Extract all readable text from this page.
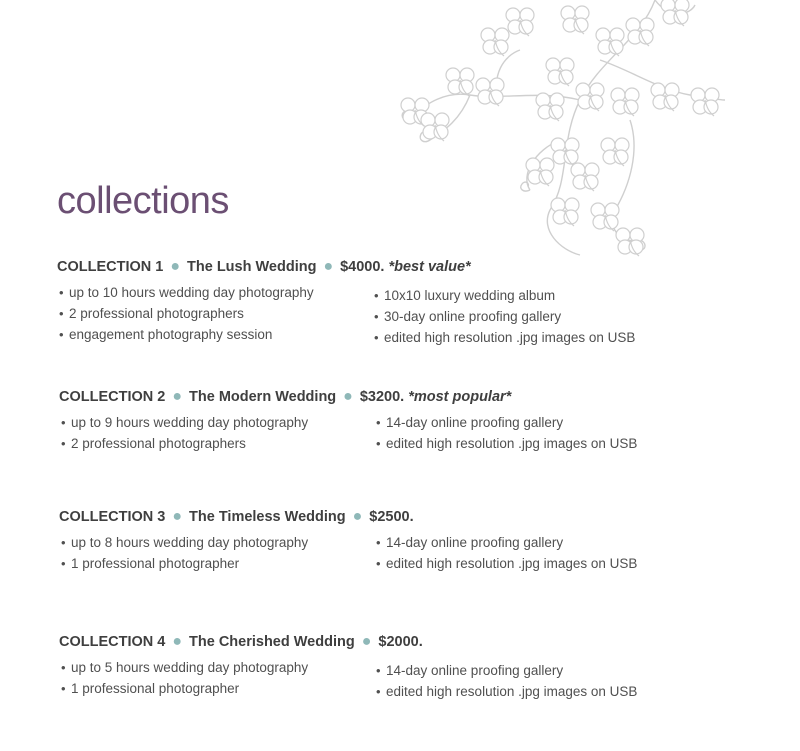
collections
COLLECTION 1 ● The Lush Wedding ● $4000. *best value*
• up to 10 hours wedding day photography
• 2 professional photographers
• engagement photography session
• 10x10 luxury wedding album
• 30-day online proofing gallery
• edited high resolution .jpg images on USB
COLLECTION 2 ● The Modern Wedding ● $3200. *most popular*
• up to 9 hours wedding day photography
• 2 professional photographers
• 14-day online proofing gallery
• edited high resolution .jpg images on USB
COLLECTION 3 ● The Timeless Wedding ● $2500.
• up to 8 hours wedding day photography
• 1 professional photographer
• 14-day online proofing gallery
• edited high resolution .jpg images on USB
COLLECTION 4 ● The Cherished Wedding ● $2000.
• up to 5 hours wedding day photography
• 1 professional photographer
• 14-day online proofing gallery
• edited high resolution .jpg images on USB
